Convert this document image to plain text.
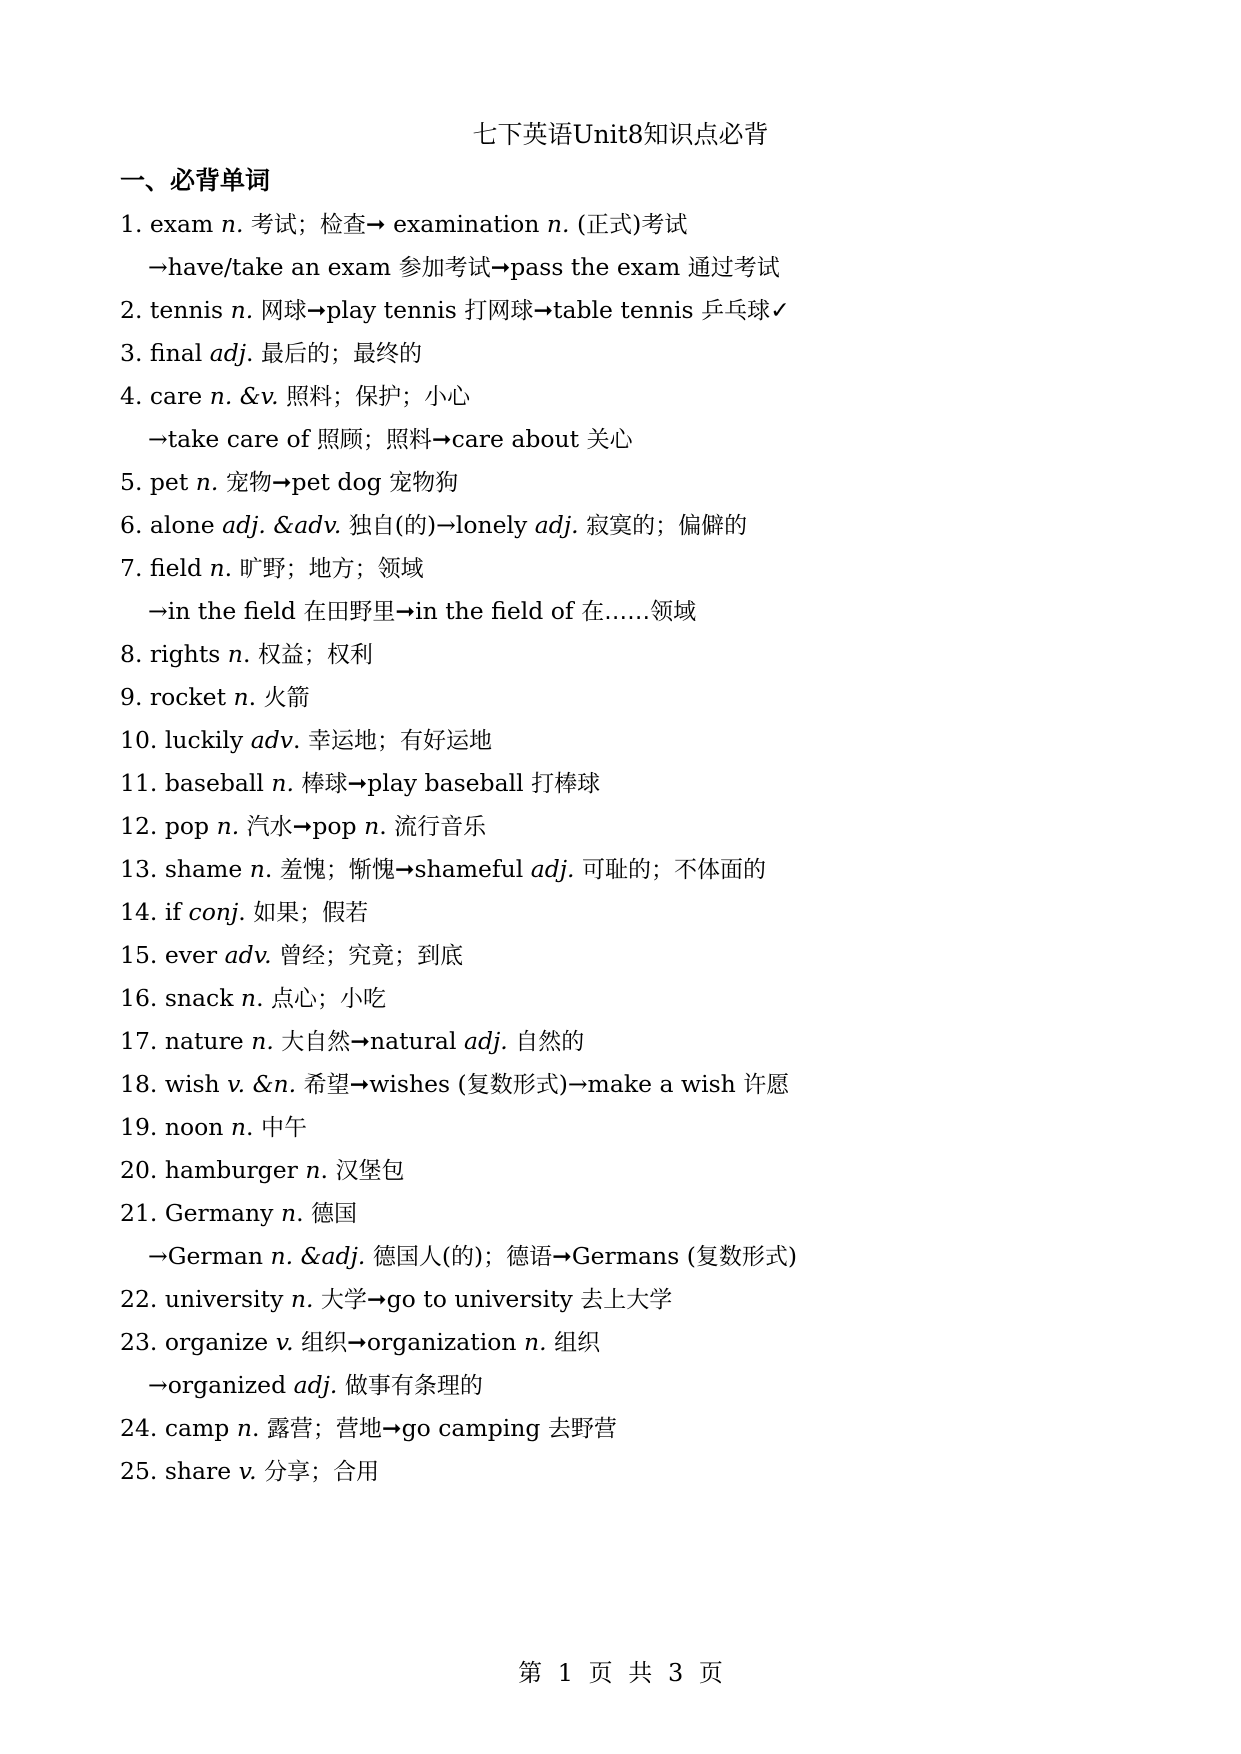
七下英语Unit8知识点必背
一、必背单词
1. exam n. 考试；检查➞ examination n. (正式)考试
→have/take an exam 参加考试➞pass the exam 通过考试
2. tennis n. 网球➞play tennis 打网球➞table tennis 乒乓球✓
3. final adj. 最后的；最终的
4. care n. &v. 照料；保护；小心
→take care of 照顾；照料➞care about 关心
5. pet n. 宠物➞pet dog 宠物狗
6. alone adj. &adv. 独自(的)→lonely adj. 寂寞的；偏僻的
7. field n. 旷野；地方；领域
→in the field 在田野里➞in the field of 在……领域
8. rights n. 权益；权利
9. rocket n. 火箭
10. luckily adv. 幸运地；有好运地
11. baseball n. 棒球➞play baseball 打棒球
12. pop n. 汽水➞pop n. 流行音乐
13. shame n. 羞愧；惭愧➞shameful adj. 可耻的；不体面的
14. if conj. 如果；假若
15. ever adv. 曾经；究竟；到底
16. snack n. 点心；小吃
17. nature n. 大自然➞natural adj. 自然的
18. wish v. &n. 希望➞wishes (复数形式)→make a wish 许愿
19. noon n. 中午
20. hamburger n. 汉堡包
21. Germany n. 德国
→German n. &adj. 德国人(的)；德语➞Germans (复数形式)
22. university n. 大学➞go to university 去上大学
23. organize v. 组织➞organization n. 组织
→organized adj. 做事有条理的
24. camp n. 露营；营地➞go camping 去野营
25. share v. 分享；合用
第 1 页 共 3 页
